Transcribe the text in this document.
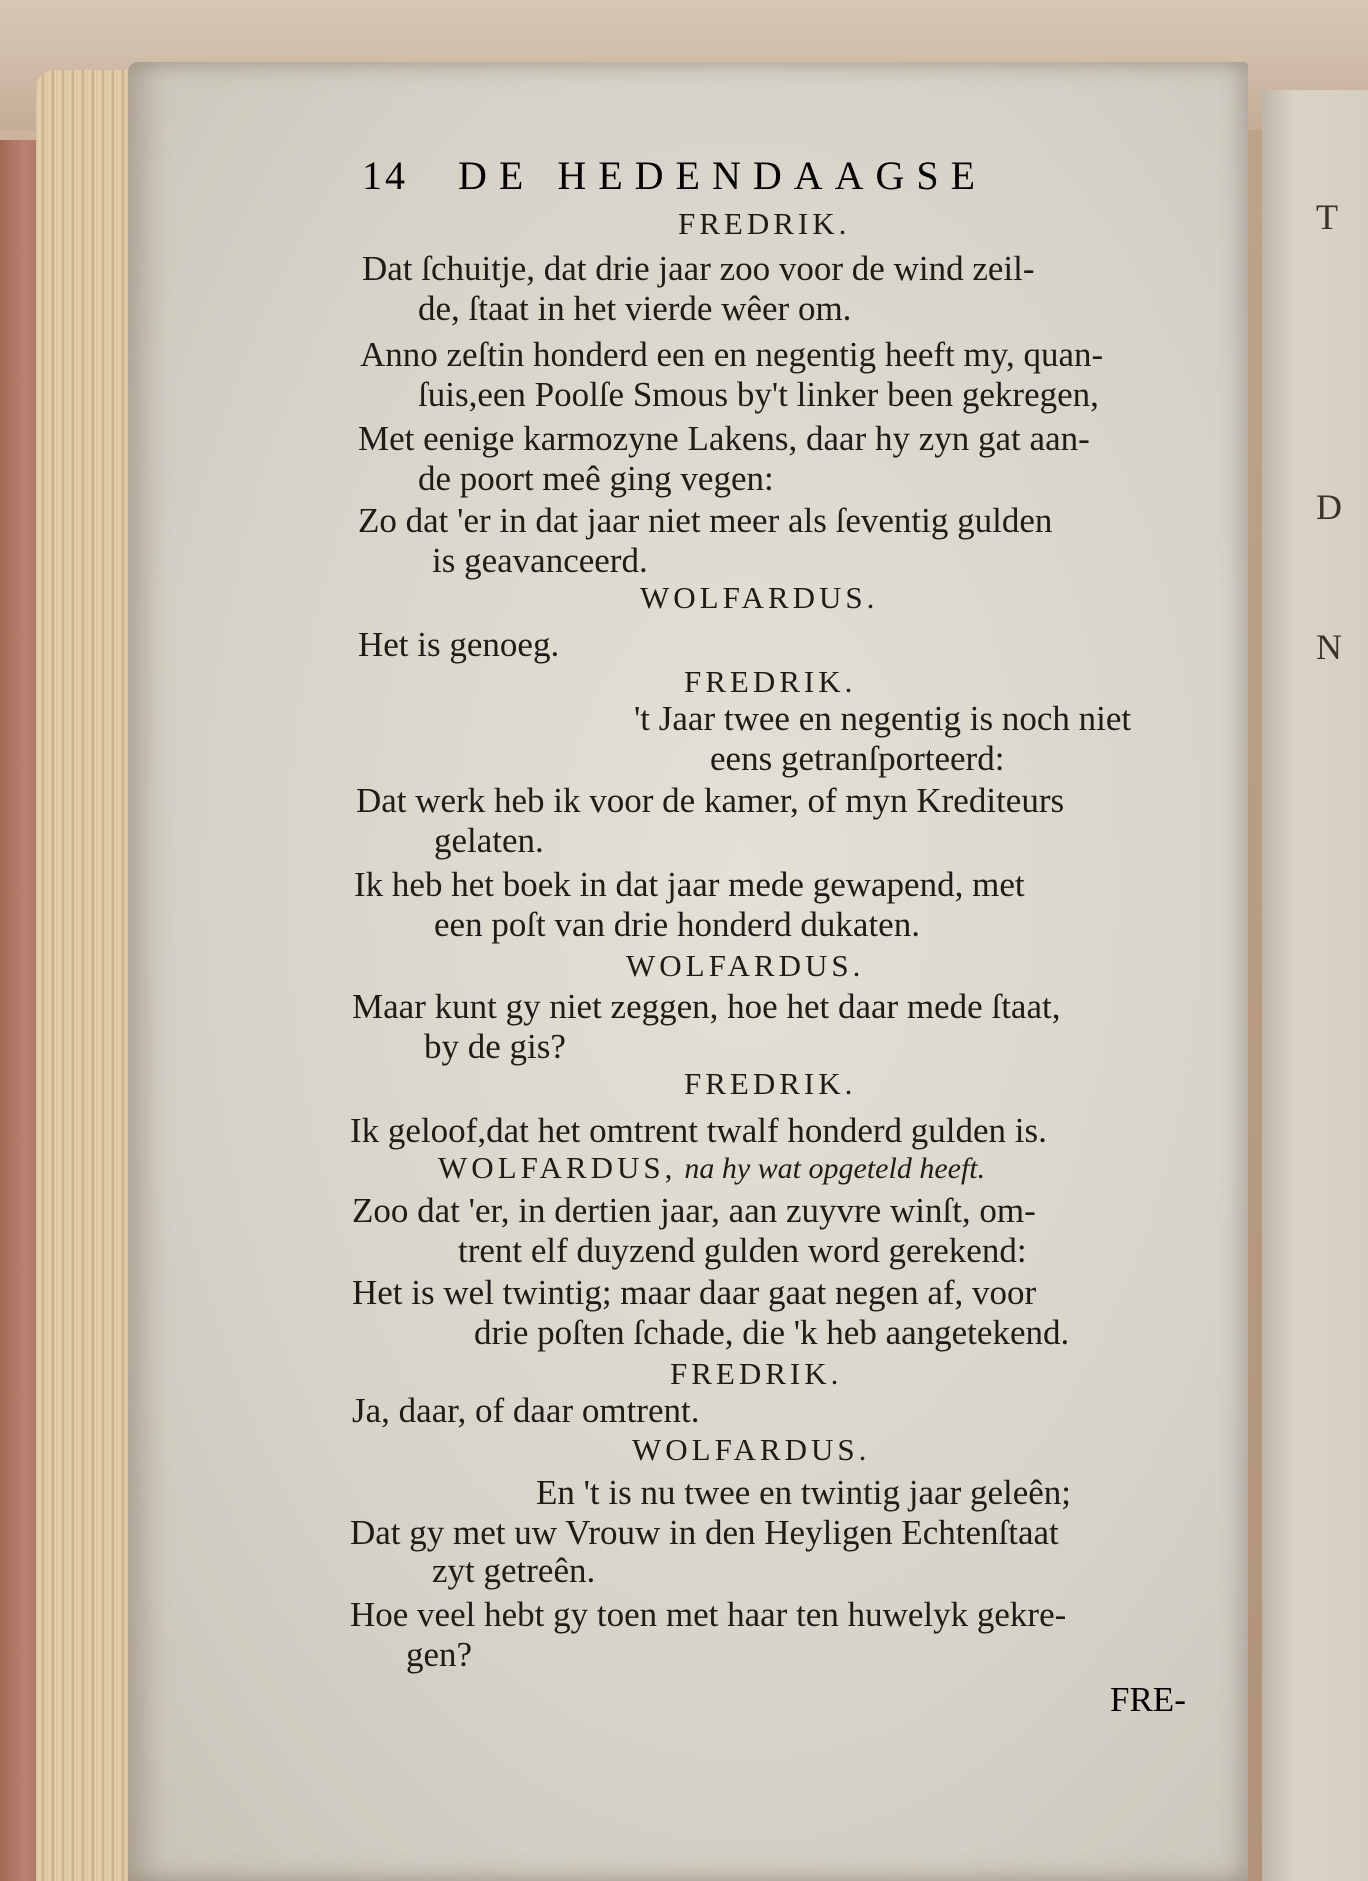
T
D
N
14 DE HEDENDAAGSE
FREDRIK.
Dat ſchuitje, dat drie jaar zoo voor de wind zeil-
de, ſtaat in het vierde wêer om.
Anno zeſtin honderd een en negentig heeft my, quan-
ſuis,een Poolſe Smous by't linker been gekregen,
Met eenige karmozyne Lakens, daar hy zyn gat aan-
de poort meê ging vegen:
Zo dat 'er in dat jaar niet meer als ſeventig gulden
is geavanceerd.
WOLFARDUS.
Het is genoeg.
FREDRIK.
't Jaar twee en negentig is noch niet
eens getranſporteerd:
Dat werk heb ik voor de kamer, of myn Krediteurs
gelaten.
Ik heb het boek in dat jaar mede gewapend, met
een poſt van drie honderd dukaten.
WOLFARDUS.
Maar kunt gy niet zeggen, hoe het daar mede ſtaat,
by de gis?
FREDRIK.
Ik geloof,dat het omtrent twalf honderd gulden is.
WOLFARDUS, na hy wat opgeteld heeft.
Zoo dat 'er, in dertien jaar, aan zuyvre winſt, om-
trent elf duyzend gulden word gerekend:
Het is wel twintig; maar daar gaat negen af, voor
drie poſten ſchade, die 'k heb aangetekend.
FREDRIK.
Ja, daar, of daar omtrent.
WOLFARDUS.
En 't is nu twee en twintig jaar geleên;
Dat gy met uw Vrouw in den Heyligen Echtenſtaat
zyt getreên.
Hoe veel hebt gy toen met haar ten huwelyk gekre-
gen?
FRE-
